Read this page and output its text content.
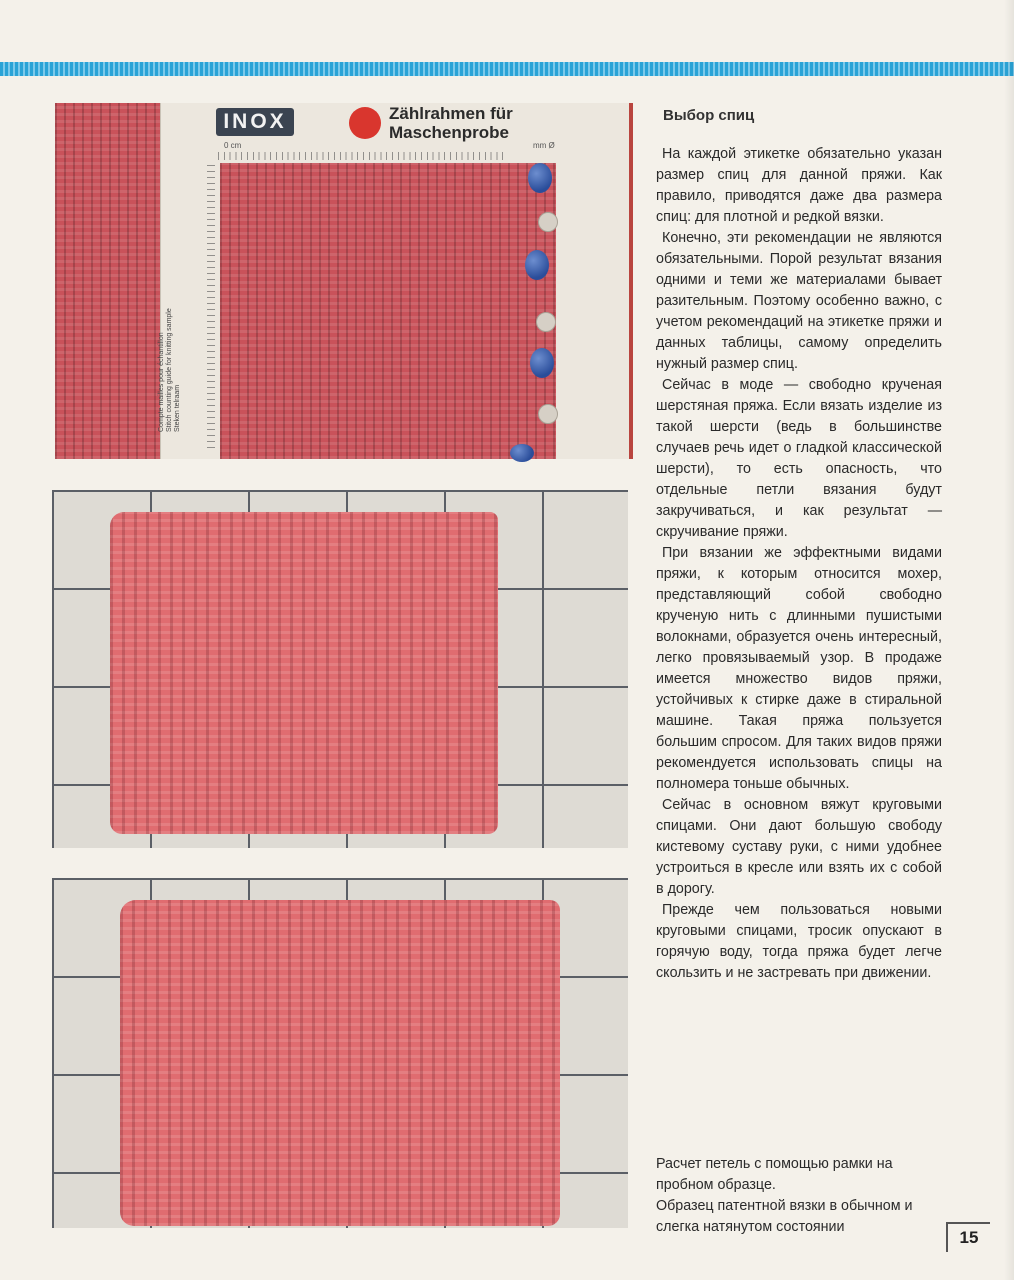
INOX	Zählrahmen für
Maschenprobe
0 cm	mm Ø
Compte mailles pour échantillon Stitch counting guide for knitting sample Steken telraam
Выбор спиц

На каждой этикетке обязательно указан размер спиц для данной пряжи. Как правило, приводятся даже два размера спиц: для плотной и редкой вязки.

Конечно, эти рекомендации не являются обязательными. Порой результат вязания одними и теми же материалами бывает разительным. Поэтому особенно важно, с учетом рекомендаций на этикетке пряжи и данных таблицы, самому определить нужный размер спиц.

Сейчас в моде — свободно крученая шерстяная пряжа. Если вязать изделие из такой шерсти (ведь в большинстве случаев речь идет о гладкой классической шерсти), то есть опасность, что отдельные петли вязания будут закручиваться, и как результат — скручивание пряжи.

При вязании же эффектными видами пряжи, к которым относится мохер, представляющий собой свободно крученую нить с длинными пушистыми волокнами, образуется очень интересный, легко провязываемый узор. В продаже имеется множество видов пряжи, устойчивых к стирке даже в стиральной машине. Такая пряжа пользуется большим спросом. Для таких видов пряжи рекомендуется использовать спицы на полномера тоньше обычных.

Сейчас в основном вяжут круговыми спицами. Они дают большую свободу кистевому суставу руки, с ними удобнее устроиться в кресле или взять их с собой в дорогу.

Прежде чем пользоваться новыми круговыми спицами, тросик опускают в горячую воду, тогда пряжа будет легче скользить и не застревать при движении.

Расчет петель с помощью рамки на пробном образце.

Образец патентной вязки в обычном и слегка натянутом состоянии

15
